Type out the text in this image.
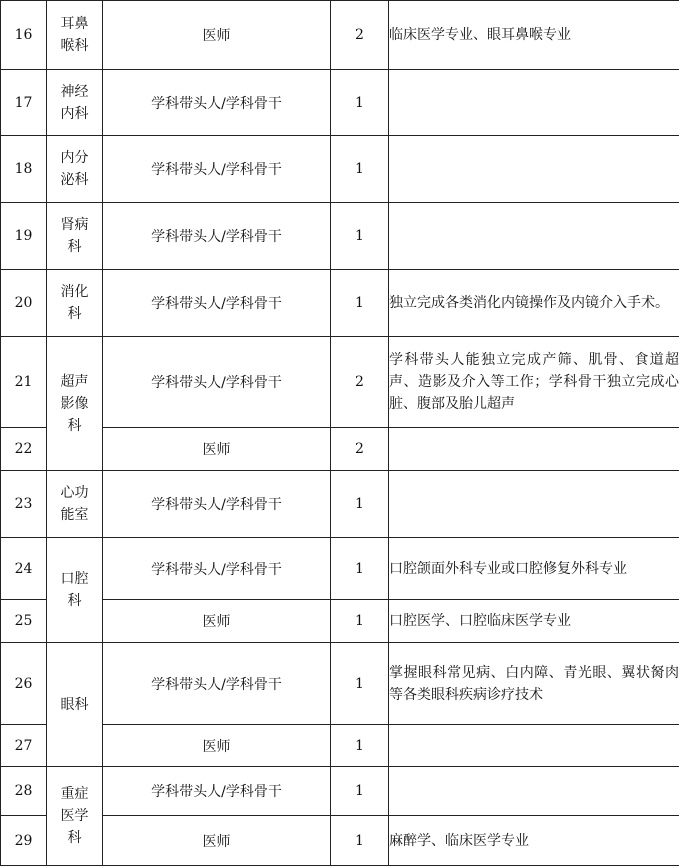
16	耳鼻喉科	医师	2	临床医学专业、眼耳鼻喉专业
17	神经内科	学科带头人/学科骨干	1	
18	内分泌科	学科带头人/学科骨干	1	
19	肾病科	学科带头人/学科骨干	1	
20	消化科	学科带头人/学科骨干	1	独立完成各类消化内镜操作及内镜介入手术。
21	超声影像科	学科带头人/学科骨干	2	学科带头人能独立完成产筛、肌骨、食道超声、造影及介入等工作；学科骨干独立完成心脏、腹部及胎儿超声
22		医师	2	
23	心功能室	学科带头人/学科骨干	1	
24	口腔科	学科带头人/学科骨干	1	口腔颌面外科专业或口腔修复外科专业
25		医师	1	口腔医学、口腔临床医学专业
26	眼科	学科带头人/学科骨干	1	掌握眼科常见病、白内障、青光眼、翼状胬肉等各类眼科疾病诊疗技术
27		医师	1	
28	重症医学科	学科带头人/学科骨干	1	
29		医师	1	麻醉学、临床医学专业
